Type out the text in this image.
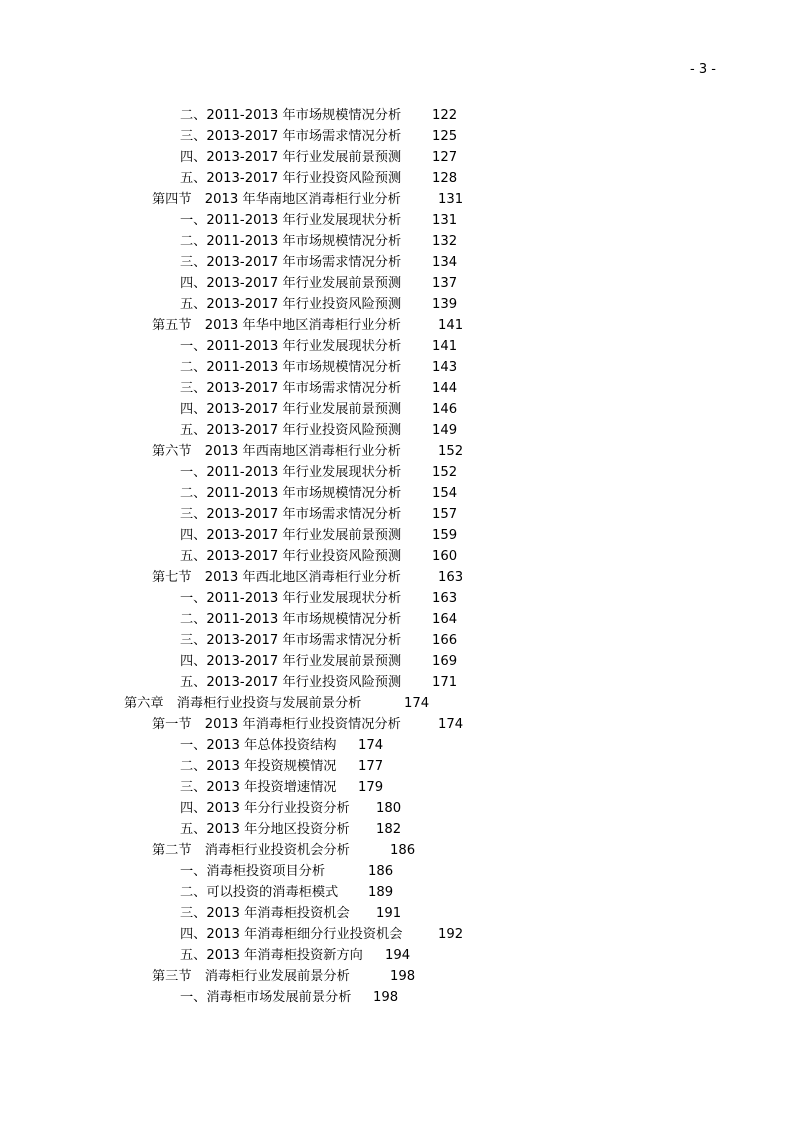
- 3 -
二、2011-2013 年市场规模情况分析 122
三、2013-2017 年市场需求情况分析 125
四、2013-2017 年行业发展前景预测 127
五、2013-2017 年行业投资风险预测 128
第四节　2013 年华南地区消毒柜行业分析	131
一、2011-2013 年行业发展现状分析 131
二、2011-2013 年市场规模情况分析 132
三、2013-2017 年市场需求情况分析 134
四、2013-2017 年行业发展前景预测 137
五、2013-2017 年行业投资风险预测 139
第五节　2013 年华中地区消毒柜行业分析	141
一、2011-2013 年行业发展现状分析 141
二、2011-2013 年市场规模情况分析 143
三、2013-2017 年市场需求情况分析 144
四、2013-2017 年行业发展前景预测 146
五、2013-2017 年行业投资风险预测 149
第六节　2013 年西南地区消毒柜行业分析	152
一、2011-2013 年行业发展现状分析 152
二、2011-2013 年市场规模情况分析 154
三、2013-2017 年市场需求情况分析 157
四、2013-2017 年行业发展前景预测 159
五、2013-2017 年行业投资风险预测 160
第七节　2013 年西北地区消毒柜行业分析	163
一、2011-2013 年行业发展现状分析 163
二、2011-2013 年市场规模情况分析 164
三、2013-2017 年市场需求情况分析 166
四、2013-2017 年行业发展前景预测 169
五、2013-2017 年行业投资风险预测 171
第六章　消毒柜行业投资与发展前景分析	174
第一节　2013 年消毒柜行业投资情况分析	174
一、2013 年总体投资结构 174
二、2013 年投资规模情况 177
三、2013 年投资增速情况 179
四、2013 年分行业投资分析 180
五、2013 年分地区投资分析 182
第二节　消毒柜行业投资机会分析	186
一、消毒柜投资项目分析	186
二、可以投资的消毒柜模式 189
三、2013 年消毒柜投资机会 191
四、2013 年消毒柜细分行业投资机会	192
五、2013 年消毒柜投资新方向 194
第三节　消毒柜行业发展前景分析	198
一、消毒柜市场发展前景分析 198
